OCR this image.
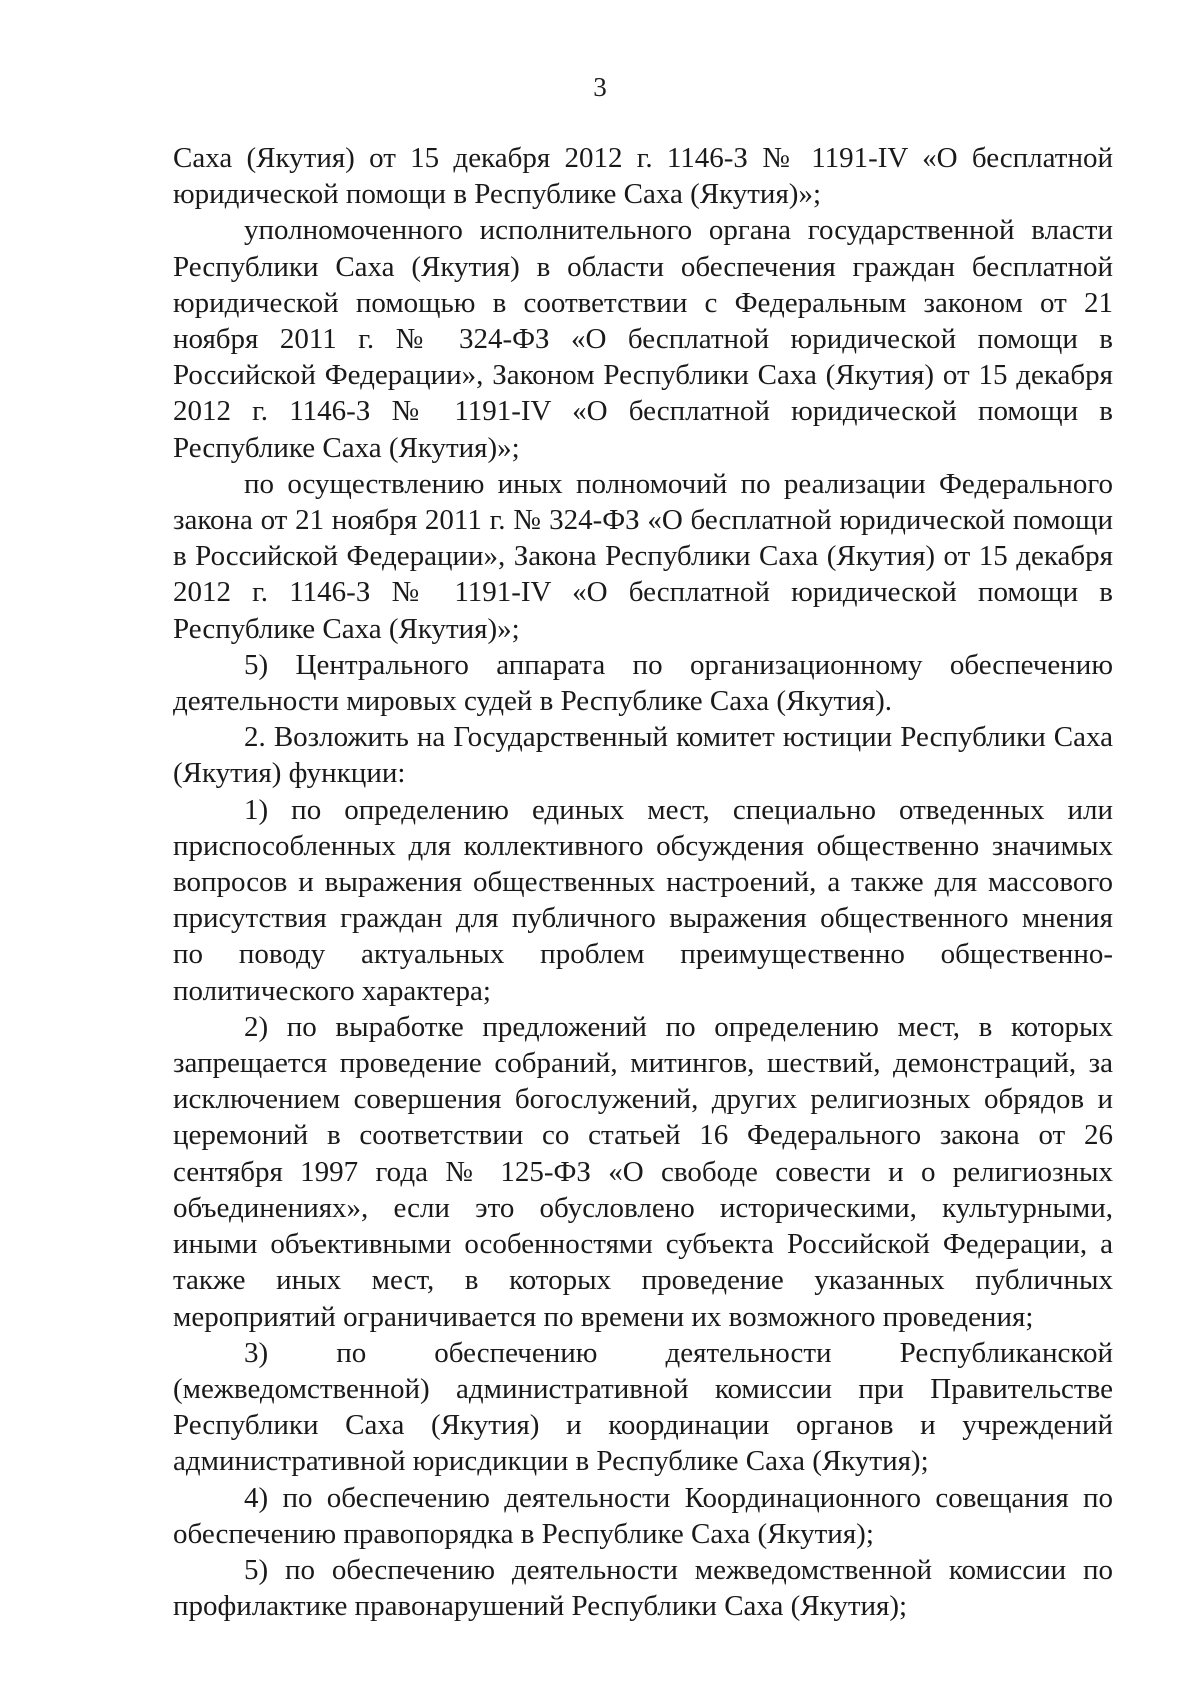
3

Саха (Якутия) от 15 декабря 2012 г. 1146-З № 1191-IV «О бесплатной юридической помощи в Республике Саха (Якутия)»;

уполномоченного исполнительного органа государственной власти Республики Саха (Якутия) в области обеспечения граждан бесплатной юридической помощью в соответствии с Федеральным законом от 21 ноября 2011 г. № 324-ФЗ «О бесплатной юридической помощи в Российской Федерации», Законом Республики Саха (Якутия) от 15 декабря 2012 г. 1146-З № 1191-IV «О бесплатной юридической помощи в Республике Саха (Якутия)»;

по осуществлению иных полномочий по реализации Федерального закона от 21 ноября 2011 г. № 324-ФЗ «О бесплатной юридической помощи в Российской Федерации», Закона Республики Саха (Якутия) от 15 декабря 2012 г. 1146-З № 1191-IV «О бесплатной юридической помощи в Республике Саха (Якутия)»;

5) Центрального аппарата по организационному обеспечению деятельности мировых судей в Республике Саха (Якутия).

2. Возложить на Государственный комитет юстиции Республики Саха (Якутия) функции:

1) по определению единых мест, специально отведенных или приспособленных для коллективного обсуждения общественно значимых вопросов и выражения общественных настроений, а также для массового присутствия граждан для публичного выражения общественного мнения по поводу актуальных проблем преимущественно общественно-политического характера;

2) по выработке предложений по определению мест, в которых запрещается проведение собраний, митингов, шествий, демонстраций, за исключением совершения богослужений, других религиозных обрядов и церемоний в соответствии со статьей 16 Федерального закона от 26 сентября 1997 года № 125-ФЗ «О свободе совести и о религиозных объединениях», если это обусловлено историческими, культурными, иными объективными особенностями субъекта Российской Федерации, а также иных мест, в которых проведение указанных публичных мероприятий ограничивается по времени их возможного проведения;

3) по обеспечению деятельности Республиканской (межведомственной) административной комиссии при Правительстве Республики Саха (Якутия) и координации органов и учреждений административной юрисдикции в Республике Саха (Якутия);

4) по обеспечению деятельности Координационного совещания по обеспечению правопорядка в Республике Саха (Якутия);

5) по обеспечению деятельности межведомственной комиссии по профилактике правонарушений Республики Саха (Якутия);
